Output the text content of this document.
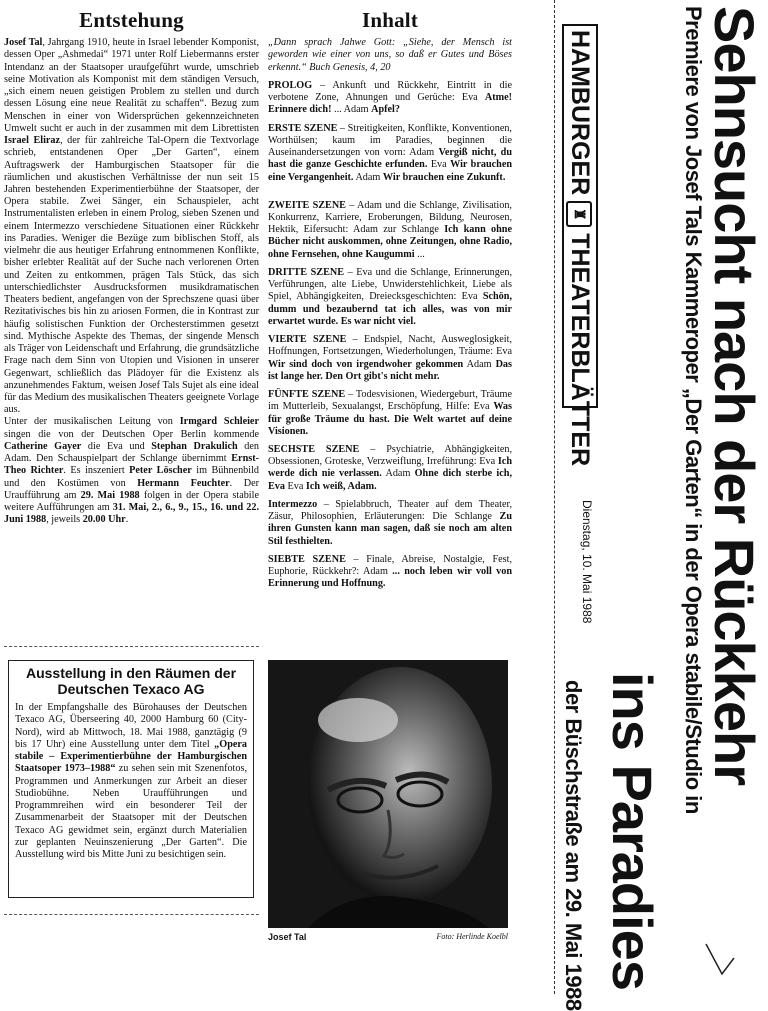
Entstehung

Josef Tal, Jahrgang 1910, heute in Israel lebender Komponist, dessen Oper „Ashmedai“ 1971 unter Rolf Liebermanns erster Intendanz an der Staatsoper uraufgeführt wurde, umschrieb seine Motivation als Komponist mit dem ständigen Versuch, „sich einem neuen geistigen Problem zu stellen und durch dessen Lösung eine neue Realität zu schaffen“. Bezug zum Menschen in einer von Widersprüchen gekennzeichneten Umwelt sucht er auch in der zusammen mit dem Librettisten Israel Eliraz, der für zahlreiche Tal-Opern die Textvorlage schrieb, entstandenen Oper „Der Garten“, einem Auftragswerk der Hamburgischen Staatsoper für die räumlichen und akustischen Verhältnisse der nun seit 15 Jahren bestehenden Experimentierbühne der Staatsoper, der Opera stabile. Zwei Sänger, ein Schauspieler, acht Instrumentalisten erleben in einem Prolog, sieben Szenen und einem Intermezzo verschiedene Situationen einer Rückkehr ins Paradies. Weniger die Bezüge zum biblischen Stoff, als vielmehr die aus heutiger Erfahrung entnommenen Konflikte, bisher erlebter Realität auf der Suche nach verlorenen Orten und Zeiten zu entkommen, prägen Tals Stück, das sich unterschiedlichster Ausdrucksformen musikdramatischen Theaters bedient, angefangen von der Sprechszene quasi über Rezitativisches bis hin zu ariosen Formen, die in Kontrast zur häufig solistischen Funktion der Orchesterstimmen gesetzt sind. Mythische Aspekte des Themas, der singende Mensch als Träger von Leidenschaft und Erfahrung, die grundsätzliche Frage nach dem Sinn von Utopien und Visionen in unserer Gegenwart, schließlich das Plädoyer für die Existenz als anzunehmendes Faktum, weisen Josef Tals Sujet als eine ideal für das Medium des musikalischen Theaters geeignete Vorlage aus.
Unter der musikalischen Leitung von Irmgard Schleier singen die von der Deutschen Oper Berlin kommende Catherine Gayer die Eva und Stephan Drakulich den Adam. Den Schauspielpart der Schlange übernimmt Ernst-Theo Richter. Es inszeniert Peter Löscher im Bühnenbild und den Kostümen von Hermann Feuchter. Der Uraufführung am 29. Mai 1988 folgen in der Opera stabile weitere Aufführungen am 31. Mai, 2., 6., 9., 15., 16. und 22. Juni 1988, jeweils 20.00 Uhr.

Ausstellung in den Räumen der Deutschen Texaco AG

In der Empfangshalle des Bürohauses der Deutschen Texaco AG, Überseering 40, 2000 Hamburg 60 (City-Nord), wird ab Mittwoch, 18. Mai 1988, ganztägig (9 bis 17 Uhr) eine Ausstellung unter dem Titel „Opera stabile – Experimentierbühne der Hamburgischen Staatsoper 1973–1988“ zu sehen sein mit Szenenfotos, Programmen und Anmerkungen zur Arbeit an dieser Studiobühne. Neben Uraufführungen und Programmreihen wird ein besonderer Teil der Zusammenarbeit der Staatsoper mit der Deutschen Texaco AG gewidmet sein, ergänzt durch Materialien zur geplanten Neuinszenierung „Der Garten“. Die Ausstellung wird bis Mitte Juni zu besichtigen sein.

Inhalt

„Dann sprach Jahwe Gott: „Siehe, der Mensch ist geworden wie einer von uns, so daß er Gutes und Böses erkennt.“ Buch Genesis, 4, 20

PROLOG – Ankunft und Rückkehr, Eintritt in die verbotene Zone, Ahnungen und Gerüche: Eva Atme! Erinnere dich! ... Adam Apfel?

ERSTE SZENE – Streitigkeiten, Konflikte, Konventionen, Worthülsen; kaum im Paradies, beginnen die Auseinandersetzungen von vorn: Adam Vergiß nicht, du hast die ganze Geschichte erfunden. Eva Wir brauchen eine Vergangenheit. Adam Wir brauchen eine Zukunft.

ZWEITE SZENE – Adam und die Schlange, Zivilisation, Konkurrenz, Karriere, Eroberungen, Bildung, Neurosen, Hektik, Eifersucht: Adam zur Schlange Ich kann ohne Bücher nicht auskommen, ohne Zeitungen, ohne Radio, ohne Fernsehen, ohne Kaugummi ...

DRITTE SZENE – Eva und die Schlange, Erinnerungen, Verführungen, alte Liebe, Unwiderstehlichkeit, Liebe als Spiel, Abhängigkeiten, Dreiecksgeschichten: Eva Schön, dumm und bezaubernd tat ich alles, was von mir erwartet wurde. Es war nicht viel.

VIERTE SZENE – Endspiel, Nacht, Ausweglosigkeit, Hoffnungen, Fortsetzungen, Wiederholungen, Träume: Eva Wir sind doch von irgendwoher gekommen Adam Das ist lange her. Den Ort gibt's nicht mehr.

FÜNFTE SZENE – Todesvisionen, Wiedergeburt, Träume im Mutterleib, Sexualangst, Erschöpfung, Hilfe: Eva Was für große Träume du hast. Die Welt wartet auf deine Visionen.

SECHSTE SZENE – Psychiatrie, Abhängigkeiten, Obsessionen, Groteske, Verzweiflung, Irreführung: Eva Ich werde dich nie verlassen. Adam Ohne dich sterbe ich, Eva Eva Ich weiß, Adam.

Intermezzo – Spielabbruch, Theater auf dem Theater, Zäsur, Philosophien, Erläuterungen: Die Schlange Zu ihren Gunsten kann man sagen, daß sie noch am alten Stil festhielten.

SIEBTE SZENE – Finale, Abreise, Nostalgie, Fest, Euphorie, Rückkehr?: Adam ... noch leben wir voll von Erinnerung und Hoffnung.

Josef Tal	Foto: Herlinde Koelbl
HAMBURGER♜THEATERBLÄTTER
Dienstag, 10. Mai 1988 Sehnsucht nach der Rückkehr
Premiere von Josef Tals Kammeroper „Der Garten“ in der Opera stabile/Studio in
ins Paradies
der Büschstraße am 29. Mai 1988
